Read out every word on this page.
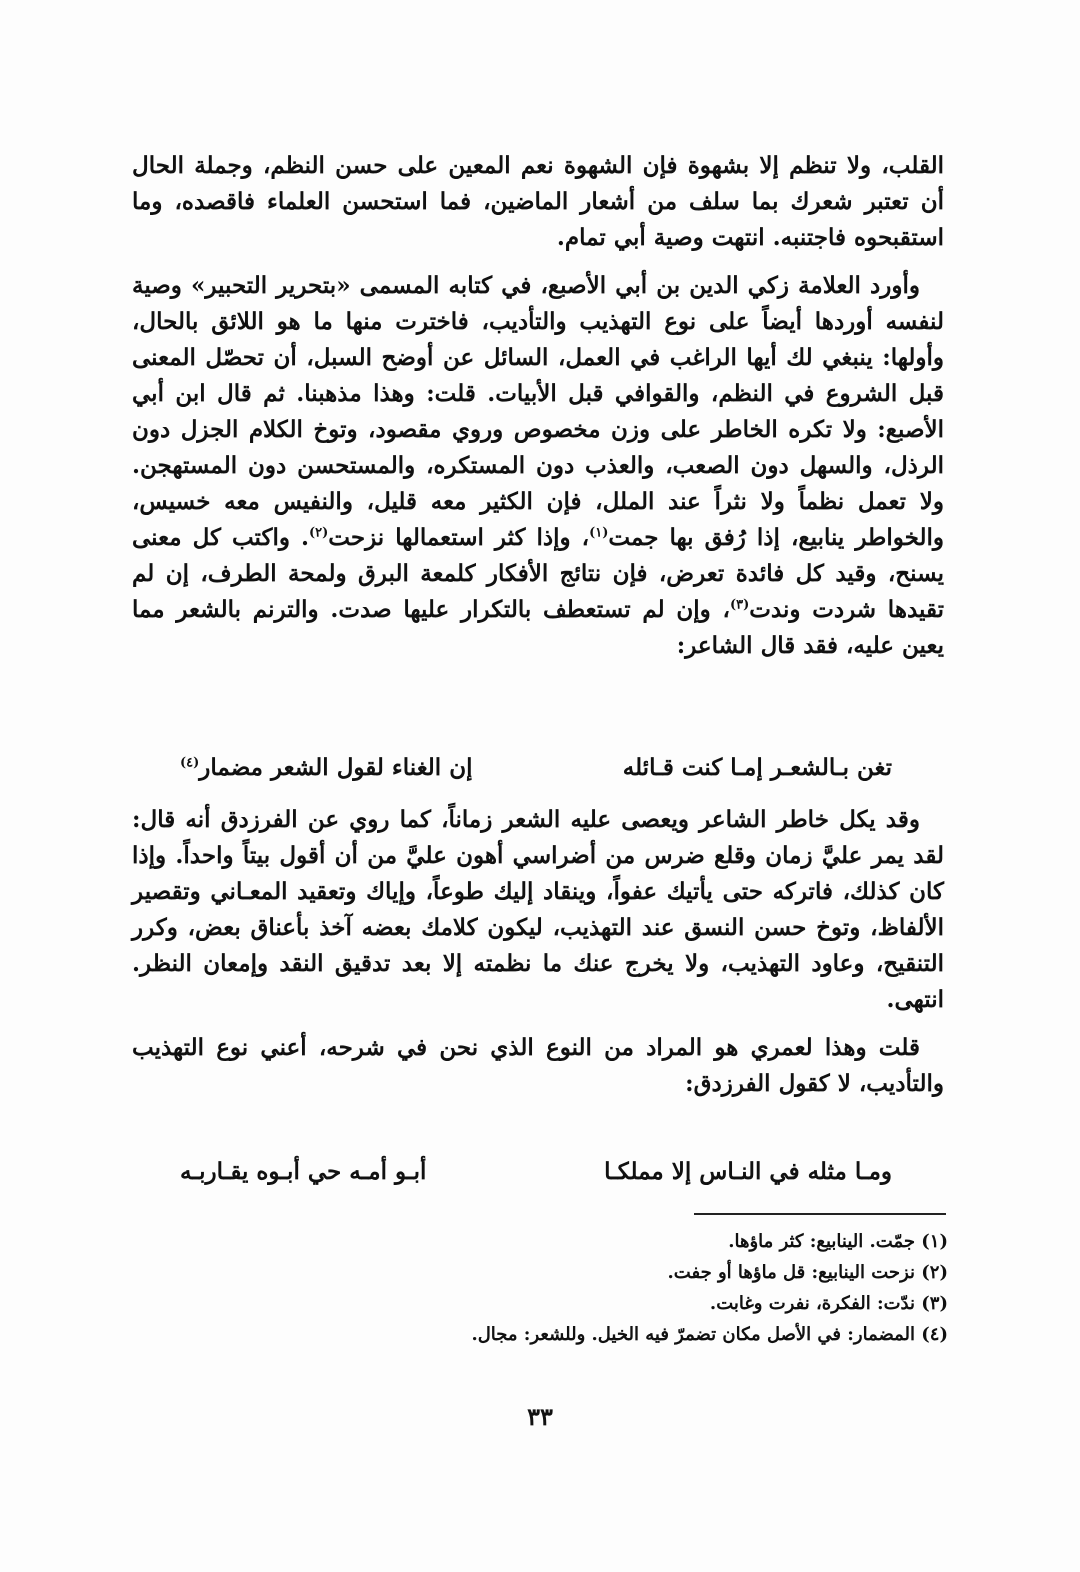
القلب، ولا تنظم إلا بشهوة فإن الشهوة نعم المعين على حسن النظم، وجملة الحال أن تعتبر شعرك بما سلف من أشعار الماضين، فما استحسن العلماء فاقصده، وما استقبحوه فاجتنبه. انتهت وصية أبي تمام.

وأورد العلامة زكي الدين بن أبي الأصبع، في كتابه المسمى «بتحرير التحبير» وصية لنفسه أوردها أيضاً على نوع التهذيب والتأديب، فاخترت منها ما هو اللائق بالحال، وأولها: ينبغي لك أيها الراغب في العمل، السائل عن أوضح السبل، أن تحصّل المعنى قبل الشروع في النظم، والقوافي قبل الأبيات. قلت: وهذا مذهبنا. ثم قال ابن أبي الأصبع: ولا تكره الخاطر على وزن مخصوص وروي مقصود، وتوخ الكلام الجزل دون الرذل، والسهل دون الصعب، والعذب دون المستكره، والمستحسن دون المستهجن. ولا تعمل نظماً ولا نثراً عند الملل، فإن الكثير معه قليل، والنفيس معه خسيس، والخواطر ينابيع، إذا رُفق بها جمت$^{(١)}$، وإذا كثر استعمالها نزحت$^{(٢)}$. واكتب كل معنى يسنح، وقيد كل فائدة تعرض، فإن نتائج الأفكار كلمعة البرق ولمحة الطرف، إن لم تقيدها شردت وندت$^{(٣)}$، وإن لم تستعطف بالتكرار عليها صدت. والترنم بالشعر مما يعين عليه، فقد قال الشاعر:

تغن بـالشعـر إمـا كنت قـائله
إن الغناء لقول الشعر مضمار$^{(٤)}$

وقد يكل خاطر الشاعر ويعصى عليه الشعر زماناً، كما روي عن الفرزدق أنه قال: لقد يمر عليَّ زمان وقلع ضرس من أضراسي أهون عليَّ من أن أقول بيتاً واحداً. وإذا كان كذلك، فاتركه حتى يأتيك عفواً، وينقاد إليك طوعاً، وإياك وتعقيد المعـاني وتقصير الألفاظ، وتوخ حسن النسق عند التهذيب، ليكون كلامك بعضه آخذ بأعناق بعض، وكرر التنقيح، وعاود التهذيب، ولا يخرج عنك ما نظمته إلا بعد تدقيق النقد وإمعان النظر. انتهى.

قلت وهذا لعمري هو المراد من النوع الذي نحن في شرحه، أعني نوع التهذيب والتأديب، لا كقول الفرزدق:

ومـا مثله في النـاس إلا مملكـا
أبـو أمـه حي أبـوه يقـاربـه
(١) جمّت. الينابيع: كثر ماؤها.
(٢) نزحت الينابيع: قل ماؤها أو جفت.
(٣) ندّت: الفكرة، نفرت وغابت.
(٤) المضمار: في الأصل مكان تضمرّ فيه الخيل. وللشعر: مجال.
٣٣
